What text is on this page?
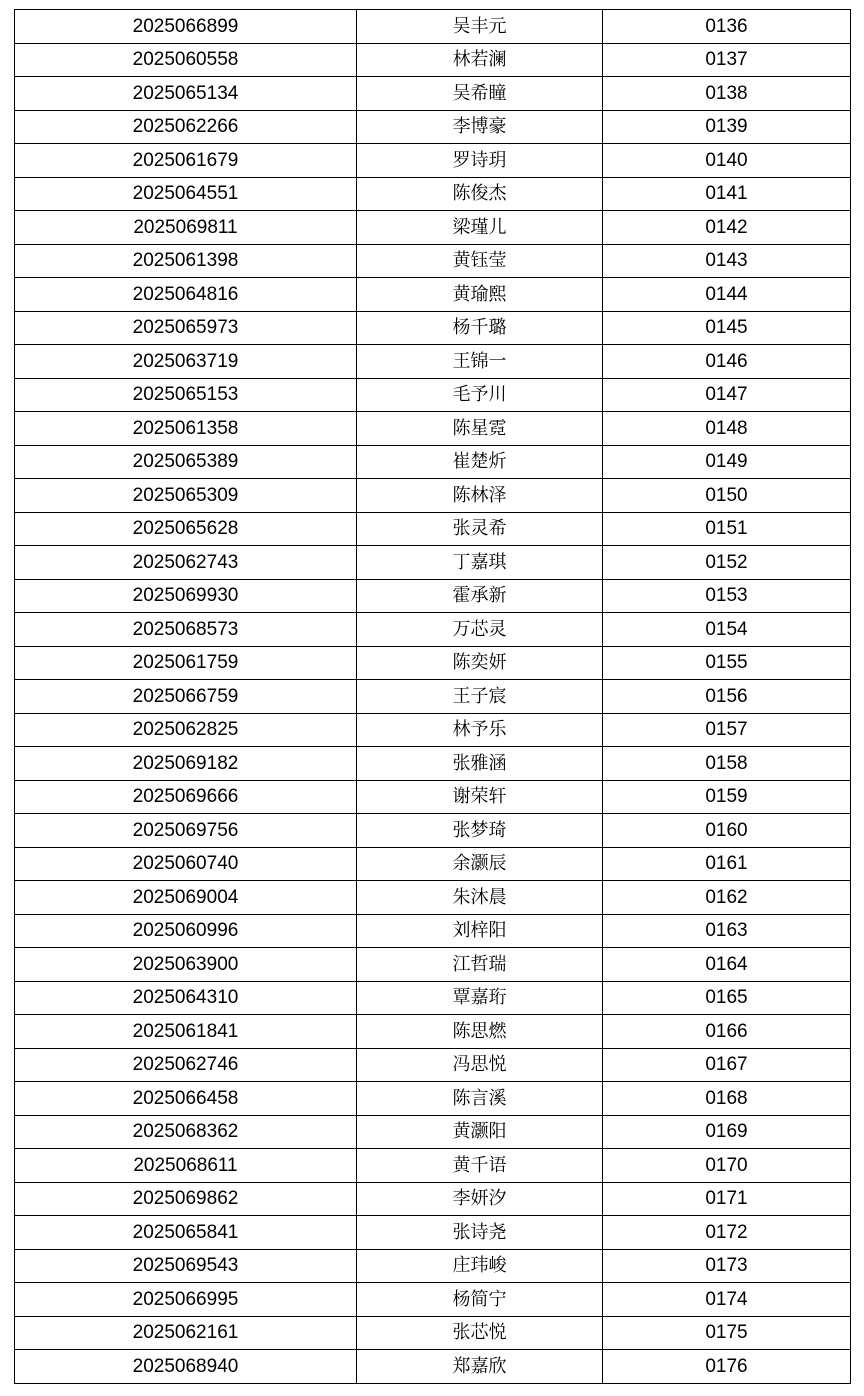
2025066899	吴丰元	0136
2025060558	林若澜	0137
2025065134	吴希瞳	0138
2025062266	李博豪	0139
2025061679	罗诗玥	0140
2025064551	陈俊杰	0141
2025069811	梁瑾儿	0142
2025061398	黄钰莹	0143
2025064816	黄瑜熙	0144
2025065973	杨千璐	0145
2025063719	王锦一	0146
2025065153	毛予川	0147
2025061358	陈星霓	0148
2025065389	崔楚炘	0149
2025065309	陈林泽	0150
2025065628	张灵希	0151
2025062743	丁嘉琪	0152
2025069930	霍承新	0153
2025068573	万芯灵	0154
2025061759	陈奕妍	0155
2025066759	王子宸	0156
2025062825	林予乐	0157
2025069182	张雅涵	0158
2025069666	谢荣轩	0159
2025069756	张梦琦	0160
2025060740	余灏辰	0161
2025069004	朱沐晨	0162
2025060996	刘梓阳	0163
2025063900	江哲瑞	0164
2025064310	覃嘉珩	0165
2025061841	陈思燃	0166
2025062746	冯思悦	0167
2025066458	陈言溪	0168
2025068362	黄灏阳	0169
2025068611	黄千语	0170
2025069862	李妍汐	0171
2025065841	张诗尧	0172
2025069543	庄玮峻	0173
2025066995	杨简宁	0174
2025062161	张芯悦	0175
2025068940	郑嘉欣	0176
